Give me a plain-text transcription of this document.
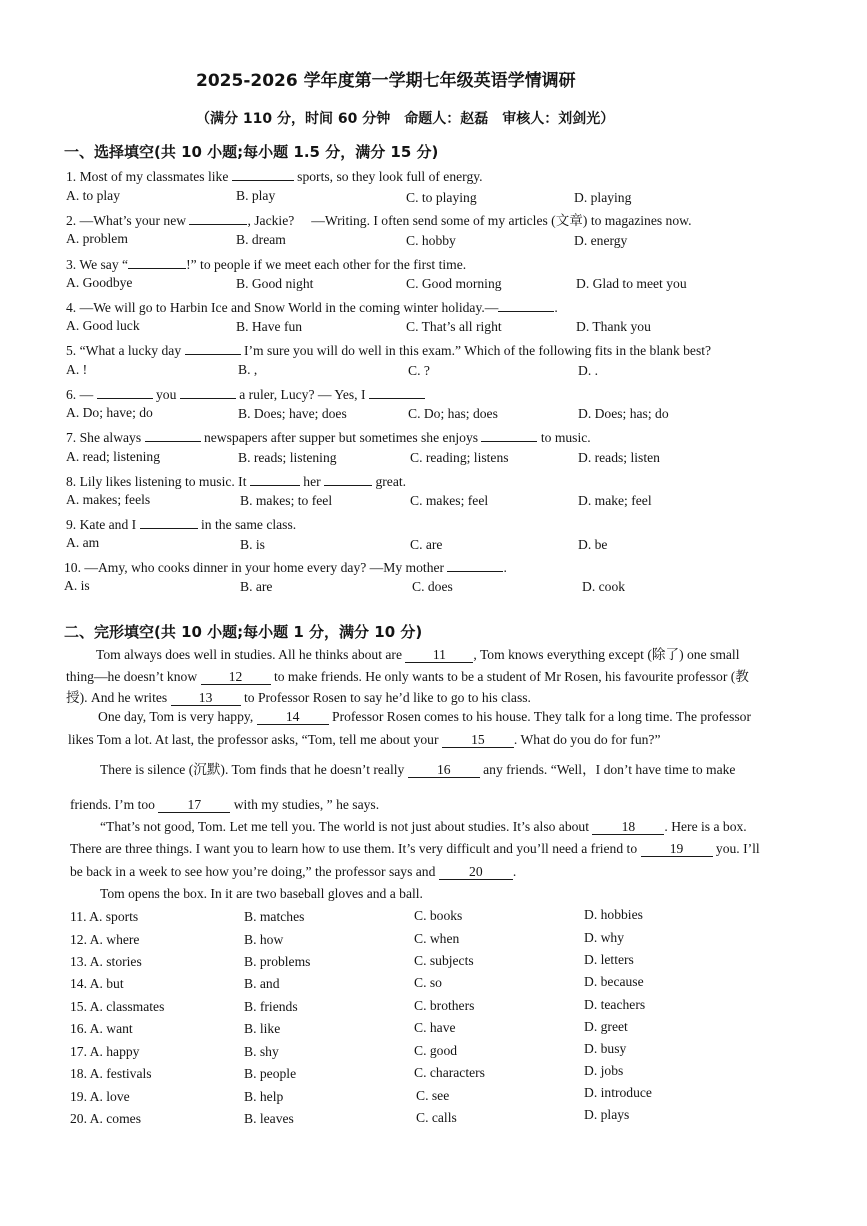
2025-2026 学年度第一学期七年级英语学情调研
（满分 110 分，时间 60 分钟　命题人：赵磊　审核人：刘剑光）
一、选择填空(共 10 小题;每小题 1.5 分，满分 15 分)
1. Most of my classmates like	sports, so they look full of energy.
A. to play	B. play	C. to playing	D. playing
2. —What’s your new	, Jackie?　 —Writing. I often send some of my articles (文章) to magazines now.
A. problem	B. dream	C. hobby	D. energy
3. We say “	!” to people if we meet each other for the first time.
A. Goodbye	B. Good night	C. Good morning	D. Glad to meet you
4. —We will go to Harbin Ice and Snow World in the coming winter holiday.—	.
A. Good luck	B. Have fun	C. That’s all right	D. Thank you
5. “What a lucky day	I’m sure you will do well in this exam.” Which of the following fits in the blank best?
A. !	B. ,	C. ?	D. .
6. —	you	a ruler, Lucy? — Yes, I
A. Do; have; do	B. Does; have; does	C. Do; has; does	D. Does; has; do
7. She always	newspapers after supper but sometimes she enjoys	to music.
A. read; listening	B. reads; listening	C. reading; listens	D. reads; listen
8. Lily likes listening to music. It	her	great.
A. makes; feels	B. makes; to feel	C. makes; feel	D. make; feel
9. Kate and I	in the same class.
A. am	B. is	C. are	D. be
10. —Amy, who cooks dinner in your home every day? —My mother	.
A. is	B. are	C. does	D. cook
二、完形填空(共 10 小题;每小题 1 分，满分 10 分)
Tom always does well in studies. All he thinks about are 11 , Tom knows everything except (除了) one small
thing—he doesn’t know 12 to make friends. He only wants to be a student of Mr Rosen, his favourite professor (教
授). And he writes 13 to Professor Rosen to say he’d like to go to his class.
One day, Tom is very happy, 14 Professor Rosen comes to his house. They talk for a long time. The professor
likes Tom a lot. At last, the professor asks, “Tom, tell me about your 15 . What do you do for fun?”
There is silence (沉默). Tom finds that he doesn’t really 16 any friends. “Well，I don’t have time to make
friends. I’m too 17 with my studies, ” he says.
“That’s not good, Tom. Let me tell you. The world is not just about studies. It’s also about 18 . Here is a box.
There are three things. I want you to learn how to use them. It’s very difficult and you’ll need a friend to 19 you. I’ll
be back in a week to see how you’re doing,” the professor says and 20 .
Tom opens the box. In it are two baseball gloves and a ball.
11. A. sports	B. matches	C. books	D. hobbies
12. A. where	B. how	C. when	D. why
13. A. stories	B. problems	C. subjects	D. letters
14. A. but	B. and	C. so	D. because
15. A. classmates	B. friends	C. brothers	D. teachers
16. A. want	B. like	C. have	D. greet
17. A. happy	B. shy	C. good	D. busy
18. A. festivals	B. people	C. characters	D. jobs
19. A. love	B. help	C. see	D. introduce
20. A. comes	B. leaves	C. calls	D. plays
